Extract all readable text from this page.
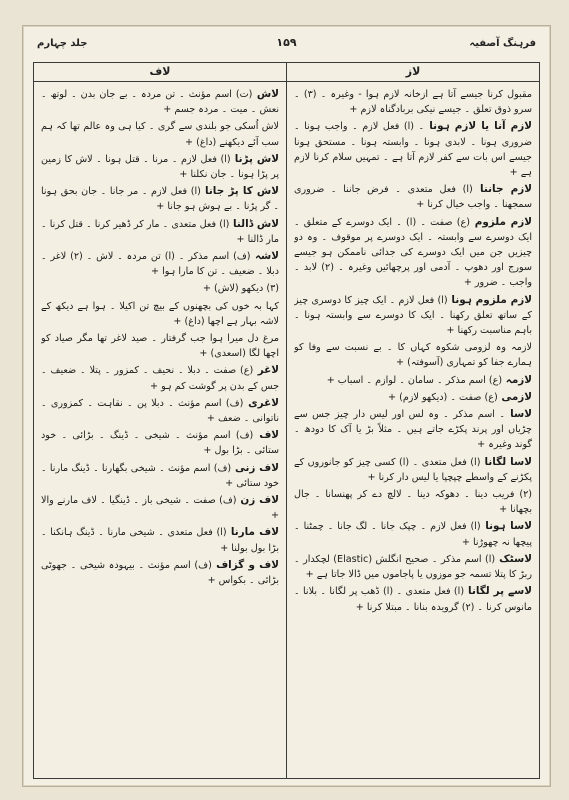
فرہنگ آصفیہ
۱۵۹
جلد چہارم
لاز
لاف

مقبول کرنا جیسے آتا ہے ازخانہ لازم ہوا - وغیرہ ۔ (۳) ۔ سرو ذوق تعلق ۔ جیسے نیکی بربادگناہ لازم +

لازم آنا یا لازم ہونا ۔ (ا) فعل لازم ۔ واجب ہونا ۔ ضروری ہونا ۔ لابدی ہونا ۔ وابستہ ہونا ۔ مستحق ہونا جیسے اس بات سے کفر لازم آتا ہے ۔ تمہیں سلام کرنا لازم ہے +

لازم جاننا (ا) فعل متعدی ۔ فرض جاننا ۔ ضروری سمجھنا ۔ واجب خیال کرنا +

لازم ملزوم (ع) صفت ۔ (ا) ۔ ایک دوسرے کے متعلق ۔ ایک دوسرے سے وابستہ ۔ ایک دوسرے پر موقوف ۔ وہ دو چیزیں جن میں ایک دوسرے کی جدائی ناممکن ہو جیسے سورج اور دھوپ ۔ آدمی اور پرچھائیں وغیرہ ۔ (۲) لابد ۔ واجب ۔ ضرور +

لازم ملزوم ہونا (ا) فعل لازم ۔ ایک چیز کا دوسری چیز کے ساتھ تعلق رکھنا ۔ ایک کا دوسرے سے وابستہ ہونا ۔ باہم مناسبت رکھنا +

لازمہ وہ لزومی شکوہ کہاں کا ۔ بے نسبت سے وفا کو ہمارے جفا کو تمہاری (آسوفتہ) +

لازمہ (ع) اسم مذکر ۔ سامان ۔ لوازم ۔ اسباب +

لازمی (ع) صفت ۔ (دیکھو لازم) +

لاسا ۔ اسم مذکر ۔ وہ لس اور لیس دار چیز جس سے چڑیاں اور پرند پکڑے جاتے ہیں ۔ مثلاً بڑ یا آک کا دودھ ۔ گوند وغیرہ +

لاسا لگانا (ا) فعل متعدی ۔ (ا) کسی چیز کو جانوروں کے پکڑنے کے واسطے چپچپا یا لیس دار کرنا +

(۲) فریب دینا ۔ دھوکہ دینا ۔ لالچ دے کر پھنسانا ۔ جال بچھانا +

لاسا ہونا (ا) فعل لازم ۔ چپک جانا ۔ لگ جانا ۔ چمٹنا ۔ پیچھا نہ چھوڑنا +

لاسٹک (ا) اسم مذکر ۔ صحیح انگلش (Elastic) لچکدار ۔ ربڑ کا پتلا تسمہ جو موزوں یا پاجاموں میں ڈالا جاتا ہے +

لاسے پر لگانا (ا) فعل متعدی ۔ (ا) ڈھب پر لگانا ۔ بلانا ۔ مانوس کرنا ۔ (۲) گرویدہ بنانا ۔ مبتلا کرنا +

لاش (ت) اسم مؤنث ۔ تن مردہ ۔ بے جان بدن ۔ لوتھ ۔ نعش ۔ میت ۔ مردہ جسم +

لاش اُسکی جو بلندی سے گری ۔ کیا ہی وہ عالم تھا کہ ہم سب آئے دیکھنے (داغ) +

لاش پڑنا (ا) فعل لازم ۔ مرنا ۔ قتل ہونا ۔ لاش کا زمین پر پڑا ہونا ۔ جان نکلنا +

لاش کا پڑ جانا (ا) فعل لازم ۔ مر جانا ۔ جان بحق ہونا ۔ گر پڑنا ۔ بے ہوش ہو جانا +

لاش ڈالنا (ا) فعل متعدی ۔ مار کر ڈھیر کرنا ۔ قتل کرنا ۔ مار ڈالنا +

لاشہ (ف) اسم مذکر ۔ (ا) تن مردہ ۔ لاش ۔ (۲) لاغر ۔ دبلا ۔ ضعیف ۔ تن کا مارا ہوا +

(۳) دیکھو (لاش) +

کہا بہ خوں کی بچھنوں کے بیچ تن اکیلا ۔ ہوا ہے دیکھ کے لاشہ بہار ہے اچھا (داغ) +

مرغ دل میرا ہوا جب گرفتار ۔ صید لاغر تھا مگر صیاد کو اچھا لگا (اسعدی) +

لاغر (ع) صفت ۔ دبلا ۔ نحیف ۔ کمزور ۔ پتلا ۔ ضعیف ۔ جس کے بدن پر گوشت کم ہو +

لاغری (ف) اسم مؤنث ۔ دبلا پن ۔ نقاہت ۔ کمزوری ۔ ناتوانی ۔ ضعف +

لاف (ف) اسم مؤنث ۔ شیخی ۔ ڈینگ ۔ بڑائی ۔ خود ستائی ۔ بڑا بول +

لاف زنی (ف) اسم مؤنث ۔ شیخی بگھارنا ۔ ڈینگ مارنا ۔ خود ستائی +

لاف زن (ف) صفت ۔ شیخی باز ۔ ڈینگیا ۔ لاف مارنے والا +

لاف مارنا (ا) فعل متعدی ۔ شیخی مارنا ۔ ڈینگ ہانکنا ۔ بڑا بول بولنا +

لاف و گزاف (ف) اسم مؤنث ۔ بیہودہ شیخی ۔ جھوٹی بڑائی ۔ بکواس +
